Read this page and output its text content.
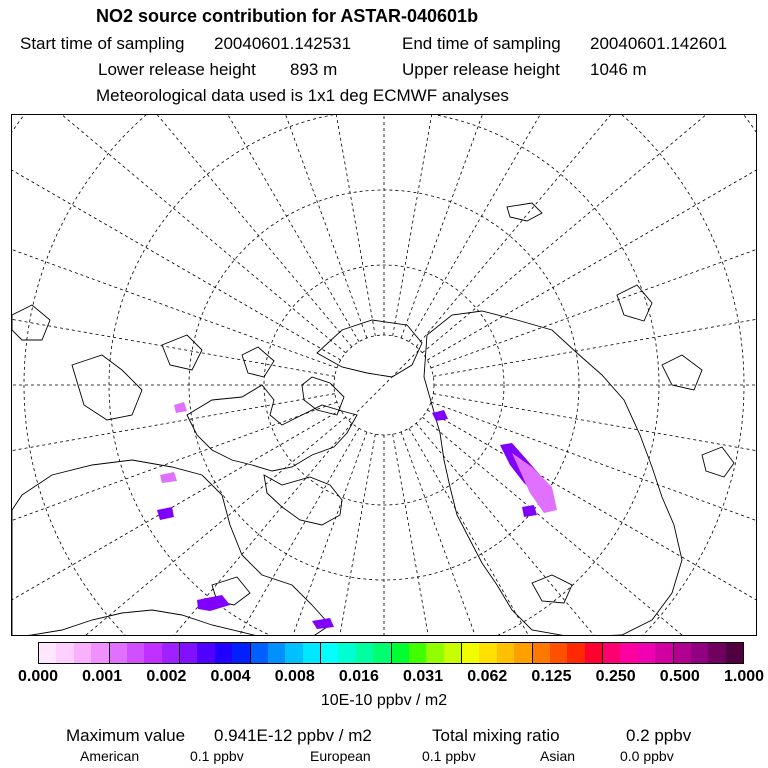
NO2 source contribution for ASTAR-040601b
Start time of sampling 20040601.142531	End time of sampling 20040601.142601
Lower release height 893 m	Upper release height 1046 m
Meteorological data used is 1x1 deg ECMWF analyses
0.000 0.001 0.002 0.004 0.008 0.016 0.031 0.062 0.125 0.250 0.500 1.000
10E-10 ppbv / m2
Maximum value 0.941E-12 ppbv / m2	Total mixing ratio	0.2 ppbv
American	0.1 ppbv	European	0.1 ppbv	Asian	0.0 ppbv
